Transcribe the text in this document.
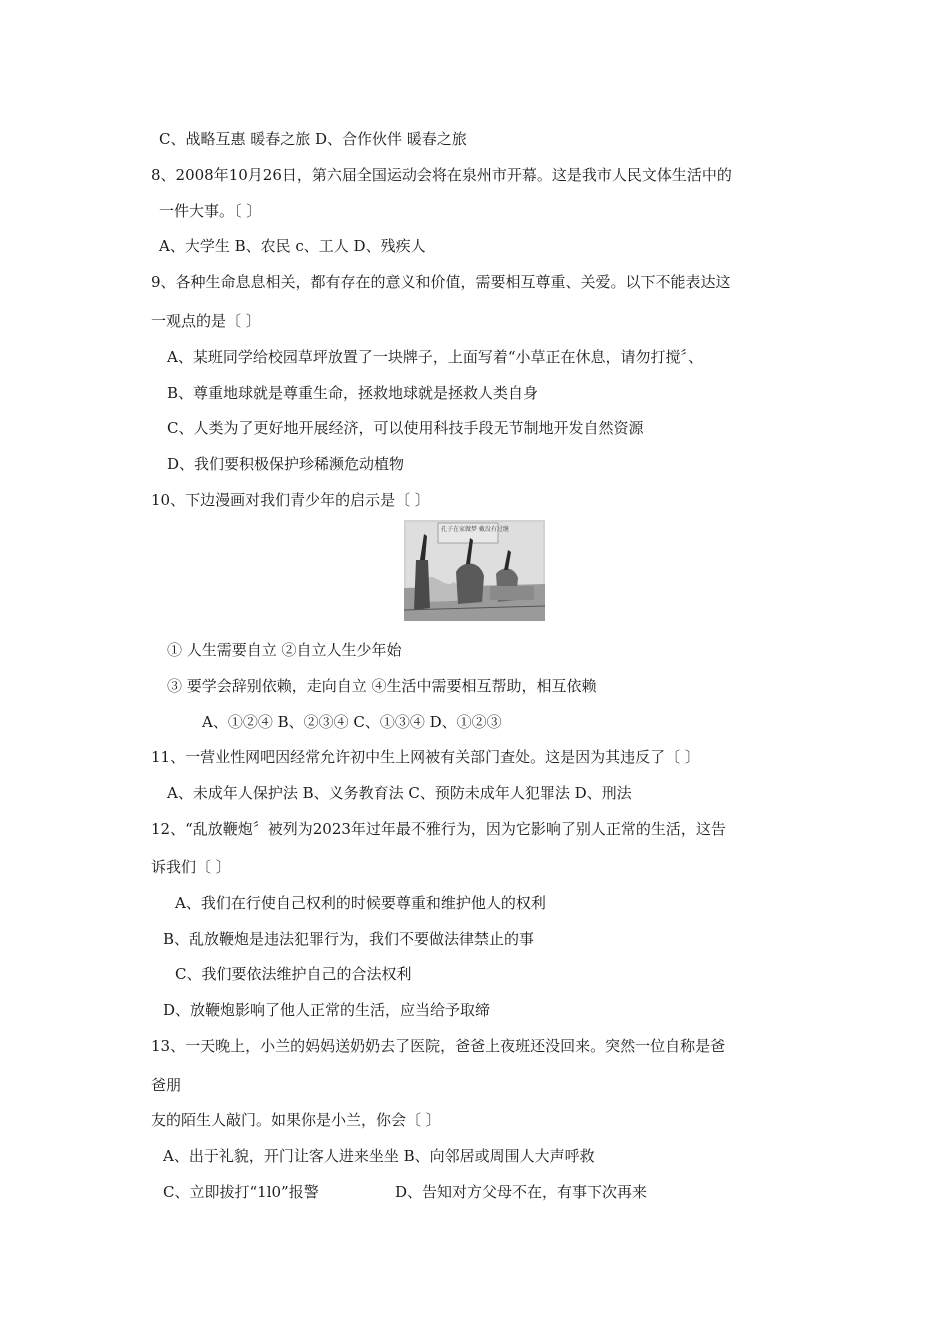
C、战略互惠 暖春之旅 D、合作伙伴 暖春之旅
8、2008年10月26日，第六届全国运动会将在泉州市开幕。这是我市人民文体生活中的
一件大事。〔 〕
A、大学生 B、农民 c、工人 D、残疾人
9、各种生命息息相关，都有存在的意义和价值，需要相互尊重、关爱。以下不能表达这
一观点的是〔 〕
A、某班同学给校园草坪放置了一块牌子，上面写着“小草正在休息，请勿打搅〞、
B、尊重地球就是尊重生命，拯救地球就是拯救人类自身
C、人类为了更好地开展经济，可以使用科技手段无节制地开发自然资源
D、我们要积极保护珍稀濒危动植物
10、下边漫画对我们青少年的启示是〔 〕
孔子在家做梦 戴没有过继
① 人生需要自立 ②自立人生少年始
③ 要学会辞别依赖，走向自立 ④生活中需要相互帮助，相互依赖
A、①②④ B、②③④ C、①③④ D、①②③
11、一营业性网吧因经常允许初中生上网被有关部门查处。这是因为其违反了〔 〕
A、未成年人保护法 B、义务教育法 C、预防未成年人犯罪法 D、刑法
12、“乱放鞭炮〞被列为2023年过年最不雅行为，因为它影响了别人正常的生活，这告
诉我们〔 〕
A、我们在行使自己权利的时候要尊重和维护他人的权利
B、乱放鞭炮是违法犯罪行为，我们不要做法律禁止的事
C、我们要依法维护自己的合法权利
D、放鞭炮影响了他人正常的生活，应当给予取缔
13、一天晚上，小兰的妈妈送奶奶去了医院，爸爸上夜班还没回来。突然一位自称是爸
爸朋
友的陌生人敲门。如果你是小兰，你会〔 〕
A、出于礼貌，开门让客人进来坐坐 B、向邻居或周围人大声呼救
C、立即拔打“1l0”报警	D、告知对方父母不在，有事下次再来
